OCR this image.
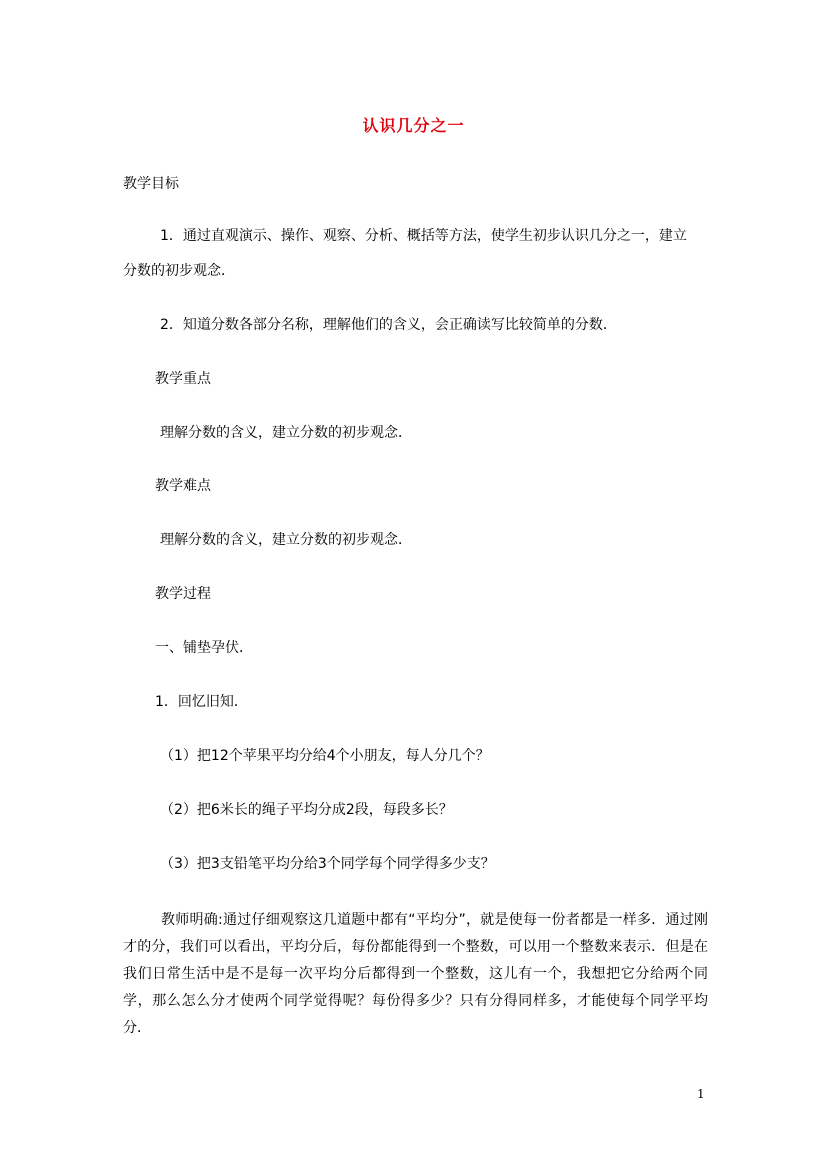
认识几分之一
教学目标
1．通过直观演示、操作、观察、分析、概括等方法，使学生初步认识几分之一，建立
分数的初步观念．
2．知道分数各部分名称，理解他们的含义，会正确读写比较简单的分数．
教学重点
理解分数的含义，建立分数的初步观念．
教学难点
理解分数的含义，建立分数的初步观念．
教学过程
一、铺垫孕伏．
1．回忆旧知．
（1）把12个苹果平均分给4个小朋友，每人分几个？
（2）把6米长的绳子平均分成2段，每段多长？
（3）把3支铅笔平均分给3个同学每个同学得多少支？
教师明确:通过仔细观察这几道题中都有“平均分”，就是使每一份者都是一样多．通过刚才的分，我们可以看出，平均分后，每份都能得到一个整数，可以用一个整数来表示．但是在我们日常生活中是不是每一次平均分后都得到一个整数，这儿有一个，我想把它分给两个同学，那么怎么分才使两个同学觉得呢？每份得多少？只有分得同样多，才能使每个同学平均分．
1
